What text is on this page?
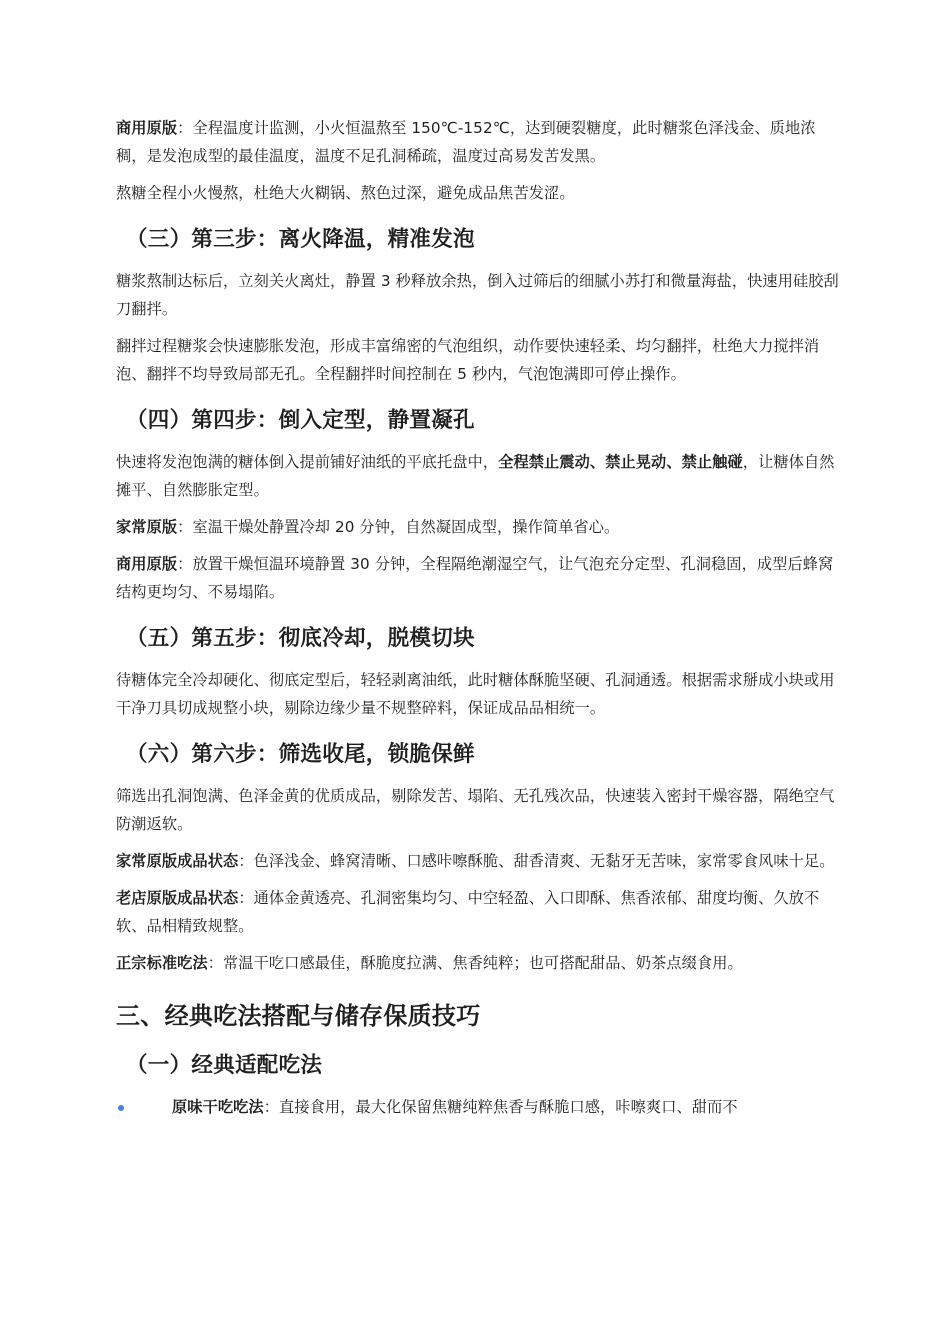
商用原版：全程温度计监测，小火恒温熬至 150℃-152℃，达到硬裂糖度，此时糖浆色泽浅金、质地浓稠，是发泡成型的最佳温度，温度不足孔洞稀疏，温度过高易发苦发黑。
熬糖全程小火慢熬，杜绝大火糊锅、熬色过深，避免成品焦苦发涩。
（三）第三步：离火降温，精准发泡
糖浆熬制达标后，立刻关火离灶，静置 3 秒释放余热，倒入过筛后的细腻小苏打和微量海盐，快速用硅胶刮刀翻拌。
翻拌过程糖浆会快速膨胀发泡，形成丰富绵密的气泡组织，动作要快速轻柔、均匀翻拌，杜绝大力搅拌消泡、翻拌不均导致局部无孔。全程翻拌时间控制在 5 秒内，气泡饱满即可停止操作。
（四）第四步：倒入定型，静置凝孔
快速将发泡饱满的糖体倒入提前铺好油纸的平底托盘中，全程禁止震动、禁止晃动、禁止触碰，让糖体自然摊平、自然膨胀定型。
家常原版：室温干燥处静置冷却 20 分钟，自然凝固成型，操作简单省心。
商用原版：放置干燥恒温环境静置 30 分钟，全程隔绝潮湿空气，让气泡充分定型、孔洞稳固，成型后蜂窝结构更均匀、不易塌陷。
（五）第五步：彻底冷却，脱模切块
待糖体完全冷却硬化、彻底定型后，轻轻剥离油纸，此时糖体酥脆坚硬、孔洞通透。根据需求掰成小块或用干净刀具切成规整小块，剔除边缘少量不规整碎料，保证成品品相统一。
（六）第六步：筛选收尾，锁脆保鲜
筛选出孔洞饱满、色泽金黄的优质成品，剔除发苦、塌陷、无孔残次品，快速装入密封干燥容器，隔绝空气防潮返软。
家常原版成品状态：色泽浅金、蜂窝清晰、口感咔嚓酥脆、甜香清爽、无黏牙无苦味，家常零食风味十足。
老店原版成品状态：通体金黄透亮、孔洞密集均匀、中空轻盈、入口即酥、焦香浓郁、甜度均衡、久放不软、品相精致规整。
正宗标准吃法：常温干吃口感最佳，酥脆度拉满、焦香纯粹；也可搭配甜品、奶茶点缀食用。
三、经典吃法搭配与储存保质技巧
（一）经典适配吃法
原味干吃吃法：直接食用，最大化保留焦糖纯粹焦香与酥脆口感，咔嚓爽口、甜而不
